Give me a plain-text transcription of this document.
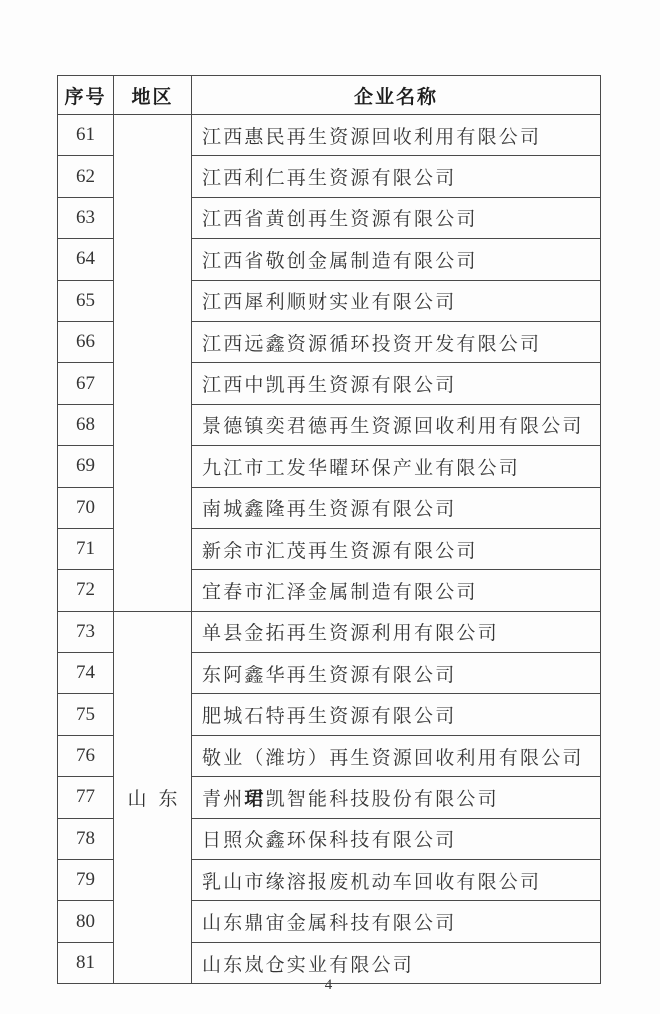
序号	地区	企业名称
61		江西惠民再生资源回收利用有限公司
62		江西利仁再生资源有限公司
63		江西省黄创再生资源有限公司
64		江西省敬创金属制造有限公司
65		江西犀利顺财实业有限公司
66		江西远鑫资源循环投资开发有限公司
67		江西中凯再生资源有限公司
68		景德镇奕君德再生资源回收利用有限公司
69		九江市工发华曜环保产业有限公司
70		南城鑫隆再生资源有限公司
71		新余市汇茂再生资源有限公司
72		宜春市汇泽金属制造有限公司
73	山东	单县金拓再生资源利用有限公司
74		东阿鑫华再生资源有限公司
75		肥城石特再生资源有限公司
76		敬业（潍坊）再生资源回收利用有限公司
77		青州珺凯智能科技股份有限公司
78		日照众鑫环保科技有限公司
79		乳山市缘溶报废机动车回收有限公司
80		山东鼎宙金属科技有限公司
81		山东岚仓实业有限公司
4
